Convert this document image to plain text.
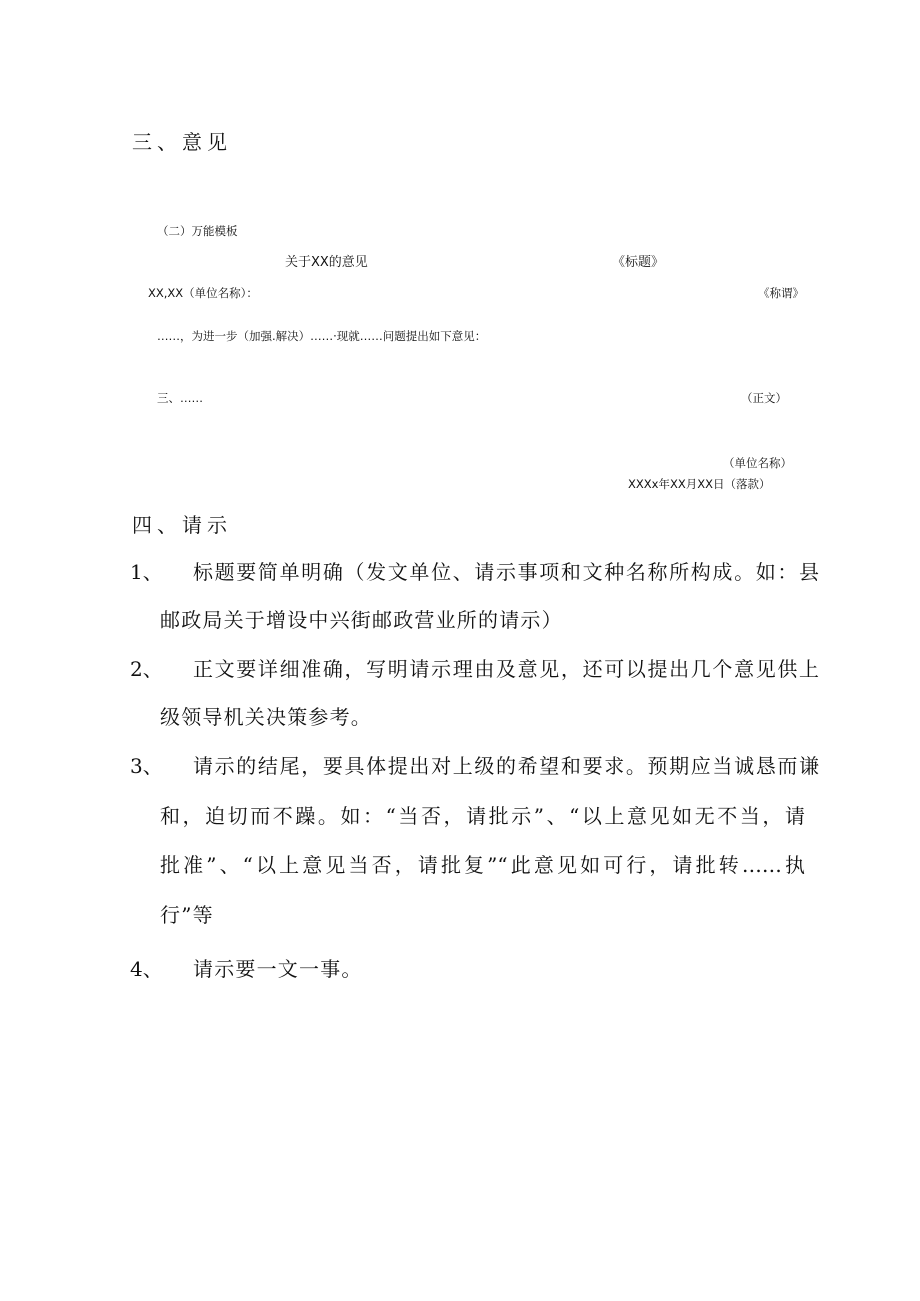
三、意见
（二）万能模板
关于XX的意见	《标题》
XX,XX（单位名称）：	《称谓》
……，为进一步（加强.解决）……·现就……问题提出如下意见：
三、……	（正文）
（单位名称）
XXXx年XX月XX日（落款）
四、请示
1、 标题要简单明确（发文单位、请示事项和文种名称所构成。如：县
邮政局关于增设中兴街邮政营业所的请示）
2、 正文要详细准确，写明请示理由及意见，还可以提出几个意见供上
级领导机关决策参考。
3、 请示的结尾，要具体提出对上级的希望和要求。预期应当诚恳而谦
和，迫切而不躁。如：“当否，请批示”、“以上意见如无不当，请
批准”、“以上意见当否，请批复”“此意见如可行，请批转……执
行”等
4、 请示要一文一事。
